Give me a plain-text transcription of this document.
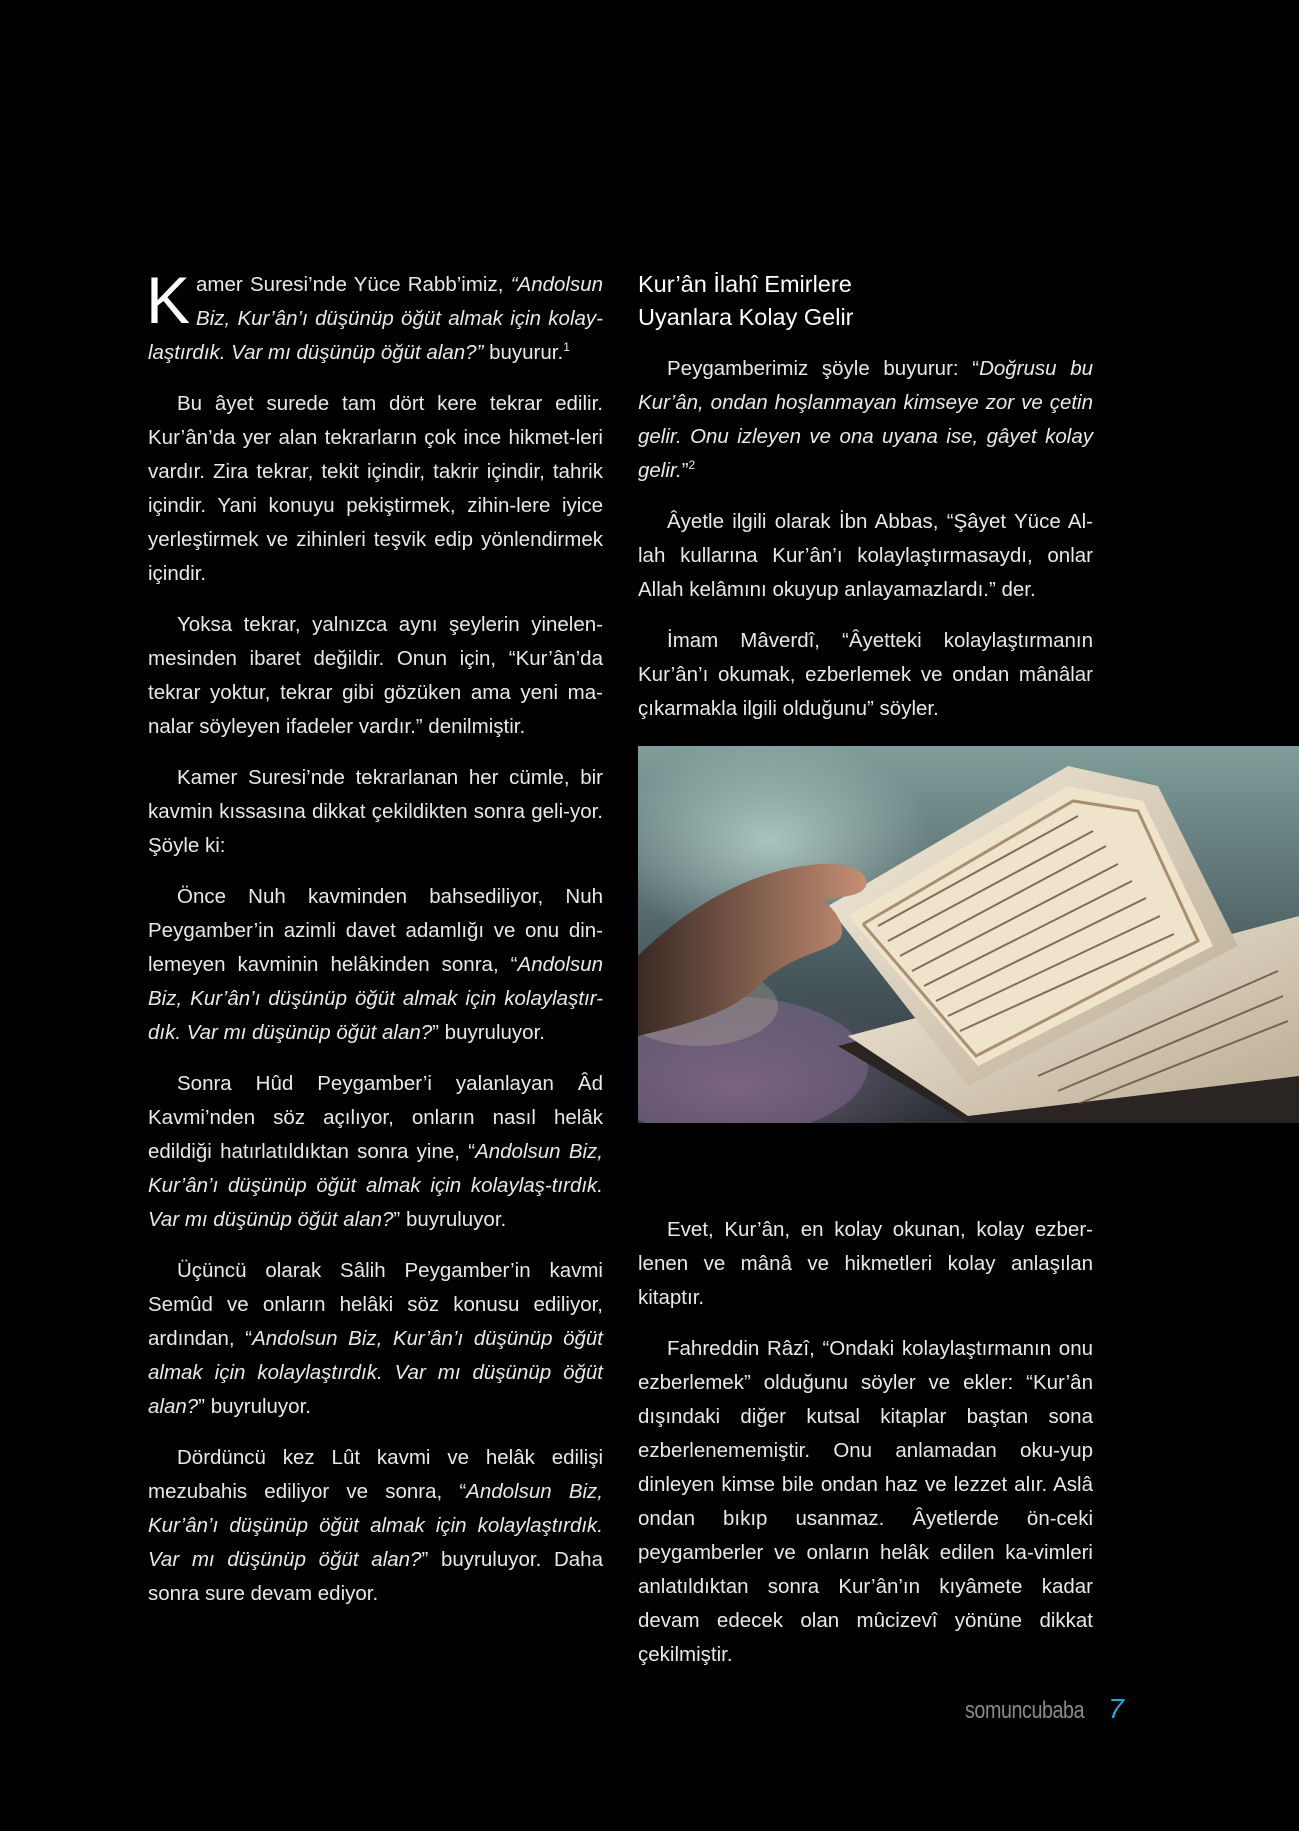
K amer Suresi’nde Yüce Rabb’imiz, “Andolsun Biz, Kur’ân’ı düşünüp öğüt almak için kolay-laştırdık. Var mı düşünüp öğüt alan?” buyurur.$^1$

Bu âyet surede tam dört kere tekrar edilir. Kur’ân’da yer alan tekrarların çok ince hikmet-leri vardır. Zira tekrar, tekit içindir, takrir içindir, tahrik içindir. Yani konuyu pekiştirmek, zihin-lere iyice yerleştirmek ve zihinleri teşvik edip yönlendirmek içindir.

Yoksa tekrar, yalnızca aynı şeylerin yinelen-mesinden ibaret değildir. Onun için, “Kur’ân’da tekrar yoktur, tekrar gibi gözüken ama yeni ma-nalar söyleyen ifadeler vardır.” denilmiştir.

Kamer Suresi’nde tekrarlanan her cümle, bir kavmin kıssasına dikkat çekildikten sonra geli-yor. Şöyle ki:

Önce Nuh kavminden bahsediliyor, Nuh Peygamber’in azimli davet adamlığı ve onu din-lemeyen kavminin helâkinden sonra, “Andolsun Biz, Kur’ân’ı düşünüp öğüt almak için kolaylaştır-dık. Var mı düşünüp öğüt alan?” buyruluyor.

Sonra Hûd Peygamber’i yalanlayan Âd Kavmi’nden söz açılıyor, onların nasıl helâk edildiği hatırlatıldıktan sonra yine, “Andolsun Biz, Kur’ân’ı düşünüp öğüt almak için kolaylaş-tırdık. Var mı düşünüp öğüt alan?” buyruluyor.

Üçüncü olarak Sâlih Peygamber’in kavmi Semûd ve onların helâki söz konusu ediliyor, ardından, “Andolsun Biz, Kur’ân’ı düşünüp öğüt almak için kolaylaştırdık. Var mı düşünüp öğüt alan?” buyruluyor.

Dördüncü kez Lût kavmi ve helâk edilişi mezubahis ediliyor ve sonra, “Andolsun Biz, Kur’ân’ı düşünüp öğüt almak için kolaylaştırdık. Var mı düşünüp öğüt alan?” buyruluyor. Daha sonra sure devam ediyor.

Kur’ân İlahî Emirlere
Uyanlara Kolay Gelir

Peygamberimiz şöyle buyurur: “Doğrusu bu Kur’ân, ondan hoşlanmayan kimseye zor ve çetin gelir. Onu izleyen ve ona uyana ise, gâyet kolay gelir.”$^2$

Âyetle ilgili olarak İbn Abbas, “Şâyet Yüce Al-lah kullarına Kur’ân’ı kolaylaştırmasaydı, onlar Allah kelâmını okuyup anlayamazlardı.” der.

İmam Mâverdî, “Âyetteki kolaylaştırmanın Kur’ân’ı okumak, ezberlemek ve ondan mânâlar çıkarmakla ilgili olduğunu” söyler.

Evet, Kur’ân, en kolay okunan, kolay ezber-lenen ve mânâ ve hikmetleri kolay anlaşılan kitaptır.

Fahreddin Râzî, “Ondaki kolaylaştırmanın onu ezberlemek” olduğunu söyler ve ekler: “Kur’ân dışındaki diğer kutsal kitaplar baştan sona ezberlenememiştir. Onu anlamadan oku-yup dinleyen kimse bile ondan haz ve lezzet alır. Aslâ ondan bıkıp usanmaz. Âyetlerde ön-ceki peygamberler ve onların helâk edilen ka-vimleri anlatıldıktan sonra Kur’ân’ın kıyâmete kadar devam edecek olan mûcizevî yönüne dikkat çekilmiştir.

somuncubaba 7
